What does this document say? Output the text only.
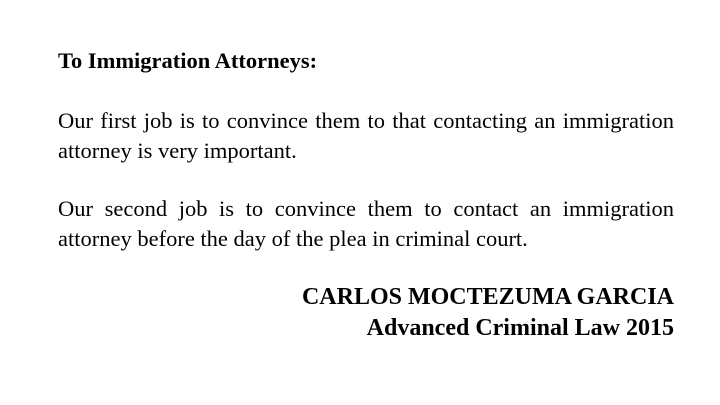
To Immigration Attorneys:
Our first job is to convince them to that contacting an immigration attorney is very important.
Our second job is to convince them to contact an immigration attorney before the day of the plea in criminal court.
CARLOS MOCTEZUMA GARCIA
Advanced Criminal Law 2015
